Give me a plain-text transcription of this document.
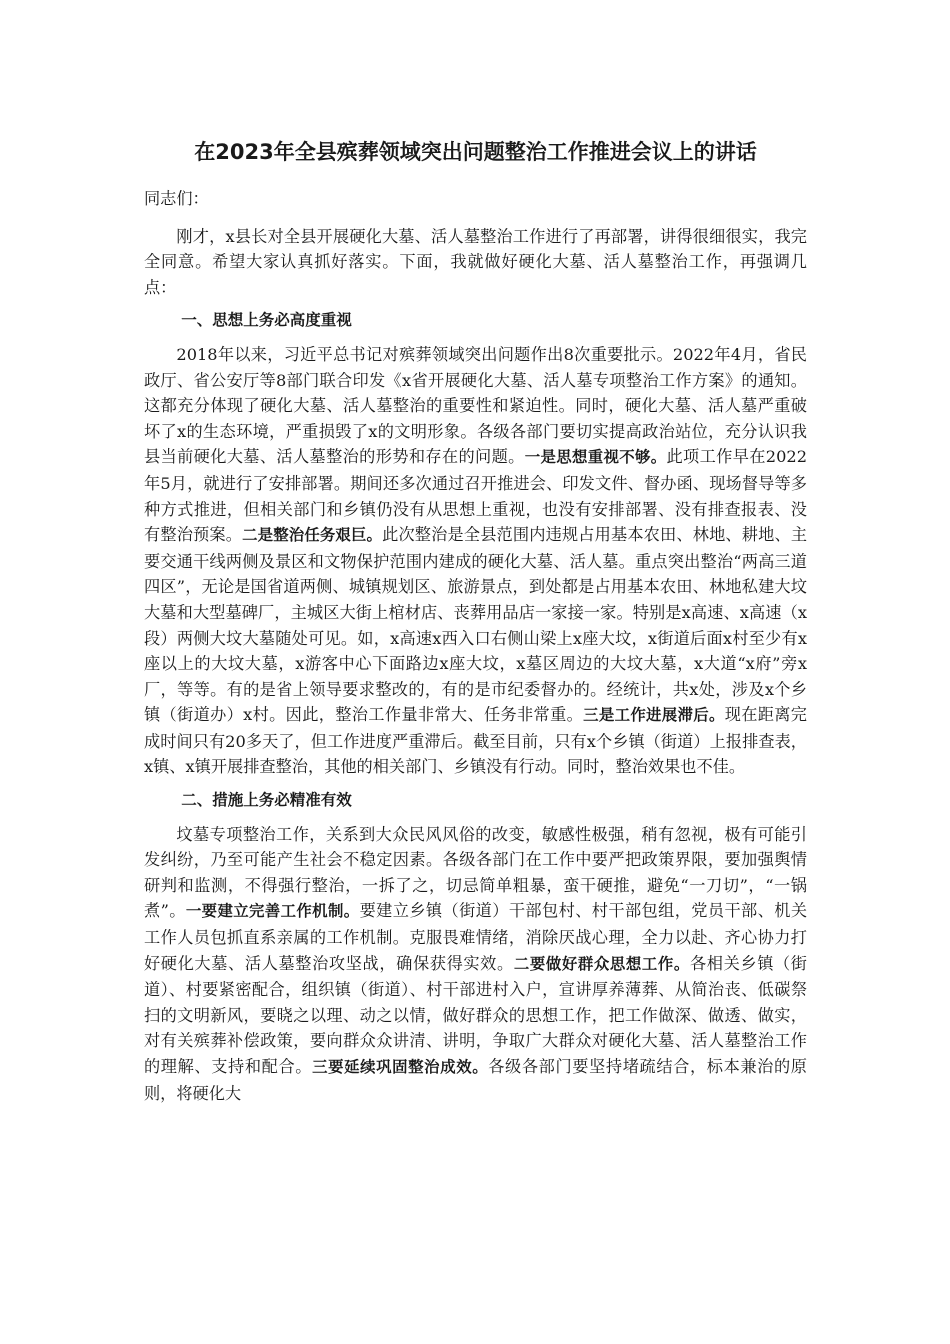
在2023年全县殡葬领域突出问题整治工作推进会议上的讲话
同志们：

刚才，x县长对全县开展硬化大墓、活人墓整治工作进行了再部署，讲得很细很实，我完全同意。希望大家认真抓好落实。下面，我就做好硬化大墓、活人墓整治工作，再强调几点：

一、思想上务必高度重视

2018年以来，习近平总书记对殡葬领域突出问题作出8次重要批示。2022年4月，省民政厅、省公安厅等8部门联合印发《x省开展硬化大墓、活人墓专项整治工作方案》的通知。这都充分体现了硬化大墓、活人墓整治的重要性和紧迫性。同时，硬化大墓、活人墓严重破坏了x的生态环境，严重损毁了x的文明形象。各级各部门要切实提高政治站位，充分认识我县当前硬化大墓、活人墓整治的形势和存在的问题。一是思想重视不够。此项工作早在2022年5月，就进行了安排部署。期间还多次通过召开推进会、印发文件、督办函、现场督导等多种方式推进，但相关部门和乡镇仍没有从思想上重视，也没有安排部署、没有排查报表、没有整治预案。二是整治任务艰巨。此次整治是全县范围内违规占用基本农田、林地、耕地、主要交通干线两侧及景区和文物保护范围内建成的硬化大墓、活人墓。重点突出整治“两高三道四区”，无论是国省道两侧、城镇规划区、旅游景点，到处都是占用基本农田、林地私建大坟大墓和大型墓碑厂，主城区大街上棺材店、丧葬用品店一家接一家。特别是x高速、x高速（x段）两侧大坟大墓随处可见。如，x高速x西入口右侧山梁上x座大坟，x街道后面x村至少有x座以上的大坟大墓，x游客中心下面路边x座大坟，x墓区周边的大坟大墓，x大道“x府”旁x厂，等等。有的是省上领导要求整改的，有的是市纪委督办的。经统计，共x处，涉及x个乡镇（街道办）x村。因此，整治工作量非常大、任务非常重。三是工作进展滞后。现在距离完成时间只有20多天了，但工作进度严重滞后。截至目前，只有x个乡镇（街道）上报排查表，x镇、x镇开展排查整治，其他的相关部门、乡镇没有行动。同时，整治效果也不佳。

二、措施上务必精准有效

坟墓专项整治工作，关系到大众民风风俗的改变，敏感性极强，稍有忽视，极有可能引发纠纷，乃至可能产生社会不稳定因素。各级各部门在工作中要严把政策界限，要加强舆情研判和监测，不得强行整治，一拆了之，切忌简单粗暴，蛮干硬推，避免“一刀切”，“一锅煮”。一要建立完善工作机制。要建立乡镇（街道）干部包村、村干部包组，党员干部、机关工作人员包抓直系亲属的工作机制。克服畏难情绪，消除厌战心理，全力以赴、齐心协力打好硬化大墓、活人墓整治攻坚战，确保获得实效。二要做好群众思想工作。各相关乡镇（街道）、村要紧密配合，组织镇（街道）、村干部进村入户，宣讲厚养薄葬、从简治丧、低碳祭扫的文明新风，要晓之以理、动之以情，做好群众的思想工作，把工作做深、做透、做实，对有关殡葬补偿政策，要向群众众讲清、讲明，争取广大群众对硬化大墓、活人墓整治工作的理解、支持和配合。三要延续巩固整治成效。各级各部门要坚持堵疏结合，标本兼治的原则，将硬化大
